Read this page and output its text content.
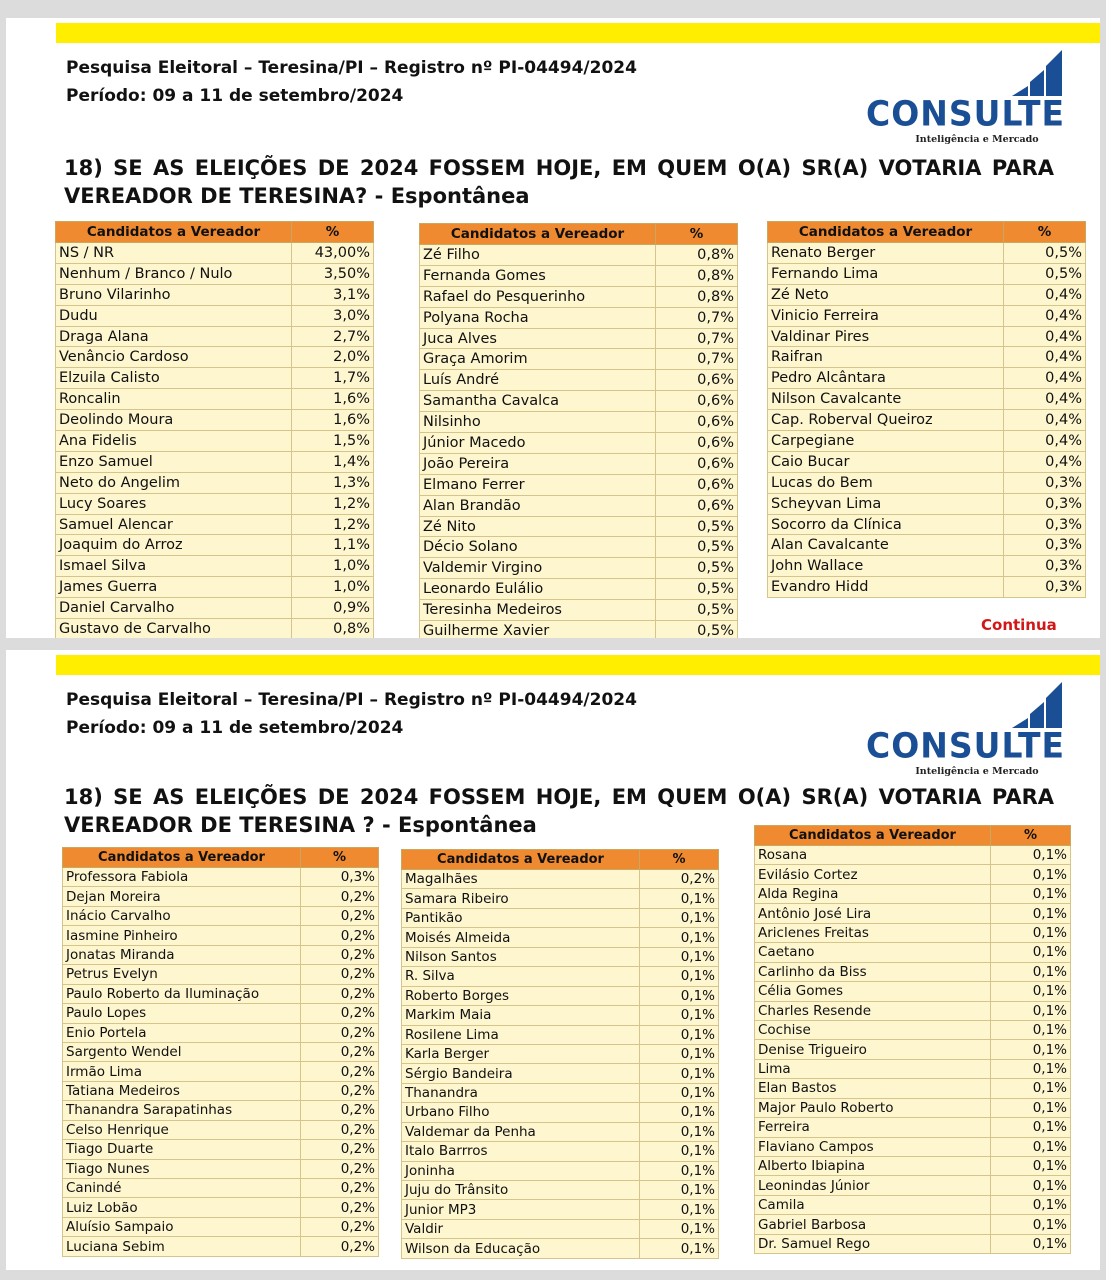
Pesquisa Eleitoral – Teresina/PI – Registro nº PI-04494/2024
Período: 09 a 11 de setembro/2024	CONSULTE
Inteligência e Mercado
18) SE AS ELEIÇÕES DE 2024 FOSSEM HOJE, EM QUEM O(A) SR(A) VOTARIA PARA
VEREADOR DE TERESINA? - Espontânea
Candidatos a Vereador	%
NS / NR	43,00%
Nenhum / Branco / Nulo	3,50%
Bruno Vilarinho	3,1%
Dudu	3,0%
Draga Alana	2,7%
Venâncio Cardoso	2,0%
Elzuila Calisto	1,7%
Roncalin	1,6%
Deolindo Moura	1,6%
Ana Fidelis	1,5%
Enzo Samuel	1,4%
Neto do Angelim	1,3%
Lucy Soares	1,2%
Samuel Alencar	1,2%
Joaquim do Arroz	1,1%
Ismael Silva	1,0%
James Guerra	1,0%
Daniel Carvalho	0,9%
Gustavo de Carvalho	0,8%
Candidatos a Vereador	%
Zé Filho	0,8%
Fernanda Gomes	0,8%
Rafael do Pesquerinho	0,8%
Polyana Rocha	0,7%
Juca Alves	0,7%
Graça Amorim	0,7%
Luís André	0,6%
Samantha Cavalca	0,6%
Nilsinho	0,6%
Júnior Macedo	0,6%
João Pereira	0,6%
Elmano Ferrer	0,6%
Alan Brandão	0,6%
Zé Nito	0,5%
Décio Solano	0,5%
Valdemir Virgino	0,5%
Leonardo Eulálio	0,5%
Teresinha Medeiros	0,5%
Guilherme Xavier	0,5%
Candidatos a Vereador	%
Renato Berger	0,5%
Fernando Lima	0,5%
Zé Neto	0,4%
Vinicio Ferreira	0,4%
Valdinar Pires	0,4%
Raifran	0,4%
Pedro Alcântara	0,4%
Nilson Cavalcante	0,4%
Cap. Roberval Queiroz	0,4%
Carpegiane	0,4%
Caio Bucar	0,4%
Lucas do Bem	0,3%
Scheyvan Lima	0,3%
Socorro da Clínica	0,3%
Alan Cavalcante	0,3%
John Wallace	0,3%
Evandro Hidd	0,3%
Continua
Pesquisa Eleitoral – Teresina/PI – Registro nº PI-04494/2024
Período: 09 a 11 de setembro/2024	CONSULTE
Inteligência e Mercado
18) SE AS ELEIÇÕES DE 2024 FOSSEM HOJE, EM QUEM O(A) SR(A) VOTARIA PARA
VEREADOR DE TERESINA ? - Espontânea
Candidatos a Vereador	%
Professora Fabiola	0,3%
Dejan Moreira	0,2%
Inácio Carvalho	0,2%
Iasmine Pinheiro	0,2%
Jonatas Miranda	0,2%
Petrus Evelyn	0,2%
Paulo Roberto da Iluminação	0,2%
Paulo Lopes	0,2%
Enio Portela	0,2%
Sargento Wendel	0,2%
Irmão Lima	0,2%
Tatiana Medeiros	0,2%
Thanandra Sarapatinhas	0,2%
Celso Henrique	0,2%
Tiago Duarte	0,2%
Tiago Nunes	0,2%
Canindé	0,2%
Luiz Lobão	0,2%
Aluísio Sampaio	0,2%
Luciana Sebim	0,2%
Candidatos a Vereador	%
Magalhães	0,2%
Samara Ribeiro	0,1%
Pantikão	0,1%
Moisés Almeida	0,1%
Nilson Santos	0,1%
R. Silva	0,1%
Roberto Borges	0,1%
Markim Maia	0,1%
Rosilene Lima	0,1%
Karla Berger	0,1%
Sérgio Bandeira	0,1%
Thanandra	0,1%
Urbano Filho	0,1%
Valdemar da Penha	0,1%
Italo Barrros	0,1%
Joninha	0,1%
Juju do Trânsito	0,1%
Junior MP3	0,1%
Valdir	0,1%
Wilson da Educação	0,1%
Candidatos a Vereador	%
Rosana	0,1%
Evilásio Cortez	0,1%
Alda Regina	0,1%
Antônio José Lira	0,1%
Ariclenes Freitas	0,1%
Caetano	0,1%
Carlinho da Biss	0,1%
Célia Gomes	0,1%
Charles Resende	0,1%
Cochise	0,1%
Denise Trigueiro	0,1%
Lima	0,1%
Elan Bastos	0,1%
Major Paulo Roberto	0,1%
Ferreira	0,1%
Flaviano Campos	0,1%
Alberto Ibiapina	0,1%
Leonindas Júnior	0,1%
Camila	0,1%
Gabriel Barbosa	0,1%
Dr. Samuel Rego	0,1%
